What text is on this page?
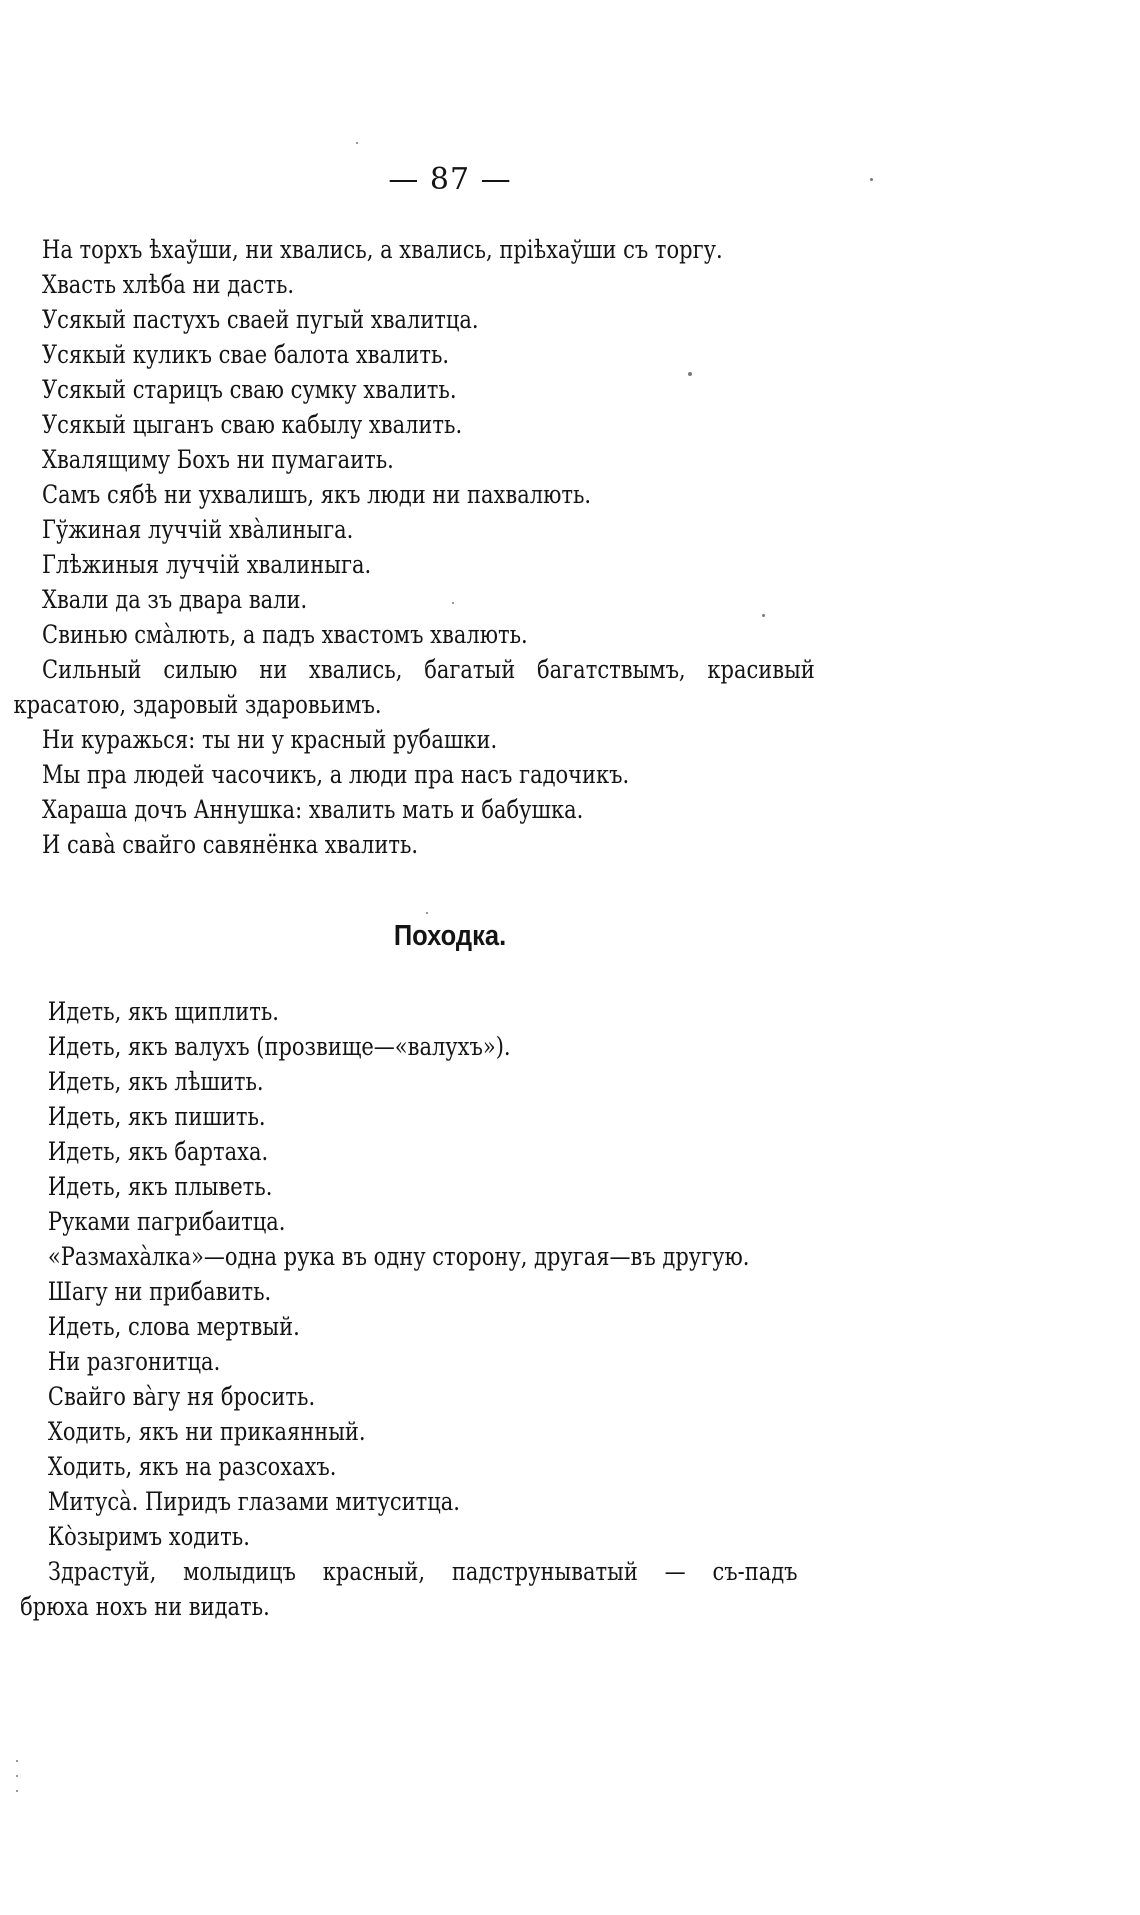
— 87 —
На торхъ ѣхаўши, ни хвались, а хвались, прiѣхаўши съ торгу.
Хвасть хлѣба ни дасть.
Усякый пастухъ сваей пугый хвалитца.
Усякый куликъ свае балота хвалить.
Усякый старицъ сваю сумку хвалить.
Усякый цыганъ сваю кабылу хвалить.
Хвалящиму Бохъ ни пумагаить.
Самъ сябѣ ни ухвалишъ, якъ люди ни пахвалють.
Гўжиная луччiй хвàлиныга.
Глѣжиныя луччiй хвалиныга.
Хвали да зъ двара вали.
Свинью смàлють, а падъ хвастомъ хвалють.
Сильный силыю ни хвались, багатый багатствымъ, красивый
красатою, здаровый здаровьимъ.
Ни куражься: ты ни у красный рубашки.
Мы пра людей часочикъ, а люди пра насъ гадочикъ.
Хараша дочъ Аннушка: хвалить мать и бабушка.
И савà свайго савянёнка хвалить.
Походка.
Идеть, якъ щиплить.
Идеть, якъ валухъ (прозвище—«валухъ»).
Идеть, якъ лѣшить.
Идеть, якъ пишить.
Идеть, якъ бартаха.
Идеть, якъ плыветь.
Руками пагрибаитца.
«Размахàлка»—одна рука въ одну сторону, другая—въ другую.
Шагу ни прибавить.
Идеть, слова мертвый.
Ни разгонитца.
Свайго вàгу ня бросить.
Ходить, якъ ни прикаянный.
Ходить, якъ на разсохахъ.
Митусà. Пиридъ глазами митуситца.
Кòзыримъ ходить.
Здрастуй, молыдицъ красный, падструныватый — съ-падъ
брюха нохъ ни видать.
